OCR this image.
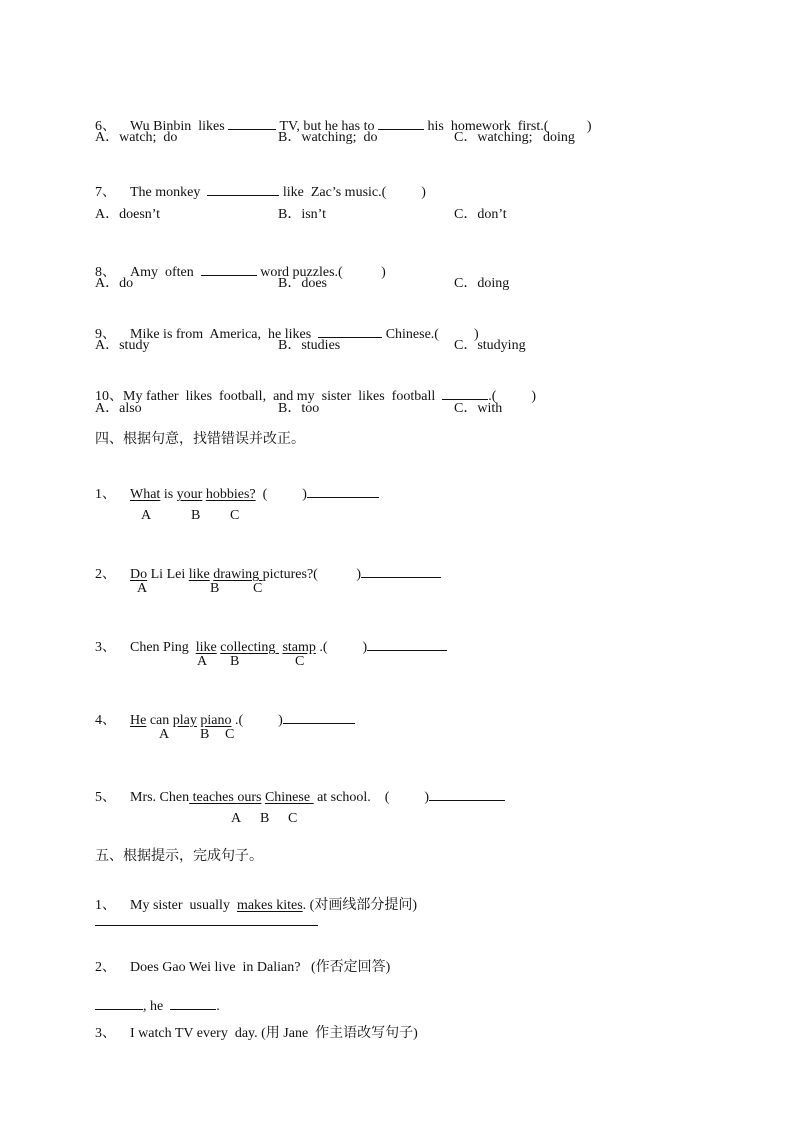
6、 Wu Binbin  likes	TV, but he has to	his  homework  first.(           )

A．watch;  do	B．watching;  do	C．watching;   doing

7、 The monkey	like  Zac’s music.(          )

A．doesn’t	B．isn’t	C．don’t

8、 Amy  often	word puzzles.(           )

A．do	B．does	C．doing

9、 Mike is from  America,  he likes	Chinese.(          )

A．study	B．studies	C．studying

10、My father  likes  football,  and my  sister  likes  football	.(          )

A．also	B．too	C．with
四、根据句意，找错错误并改正。

1、 What is your hobbies?  (          )

A	B C

2、 Do Li Lei like drawing pictures?(           )

A	B C

3、 Chen Ping  like collecting  stamp .(          )

A B	C

4、 He can play piano .(          )

A B C

5、 Mrs. Chen teaches ours Chinese  at school.    (          )

A B C
五、根据提示，完成句子。

1、 My sister  usually  makes kites. (对画线部分提问)

2、 Does Gao Wei live  in Dalian?   (作否定回答)

, he	.

3、 I watch TV every  day. (用 Jane  作主语改写句子)
